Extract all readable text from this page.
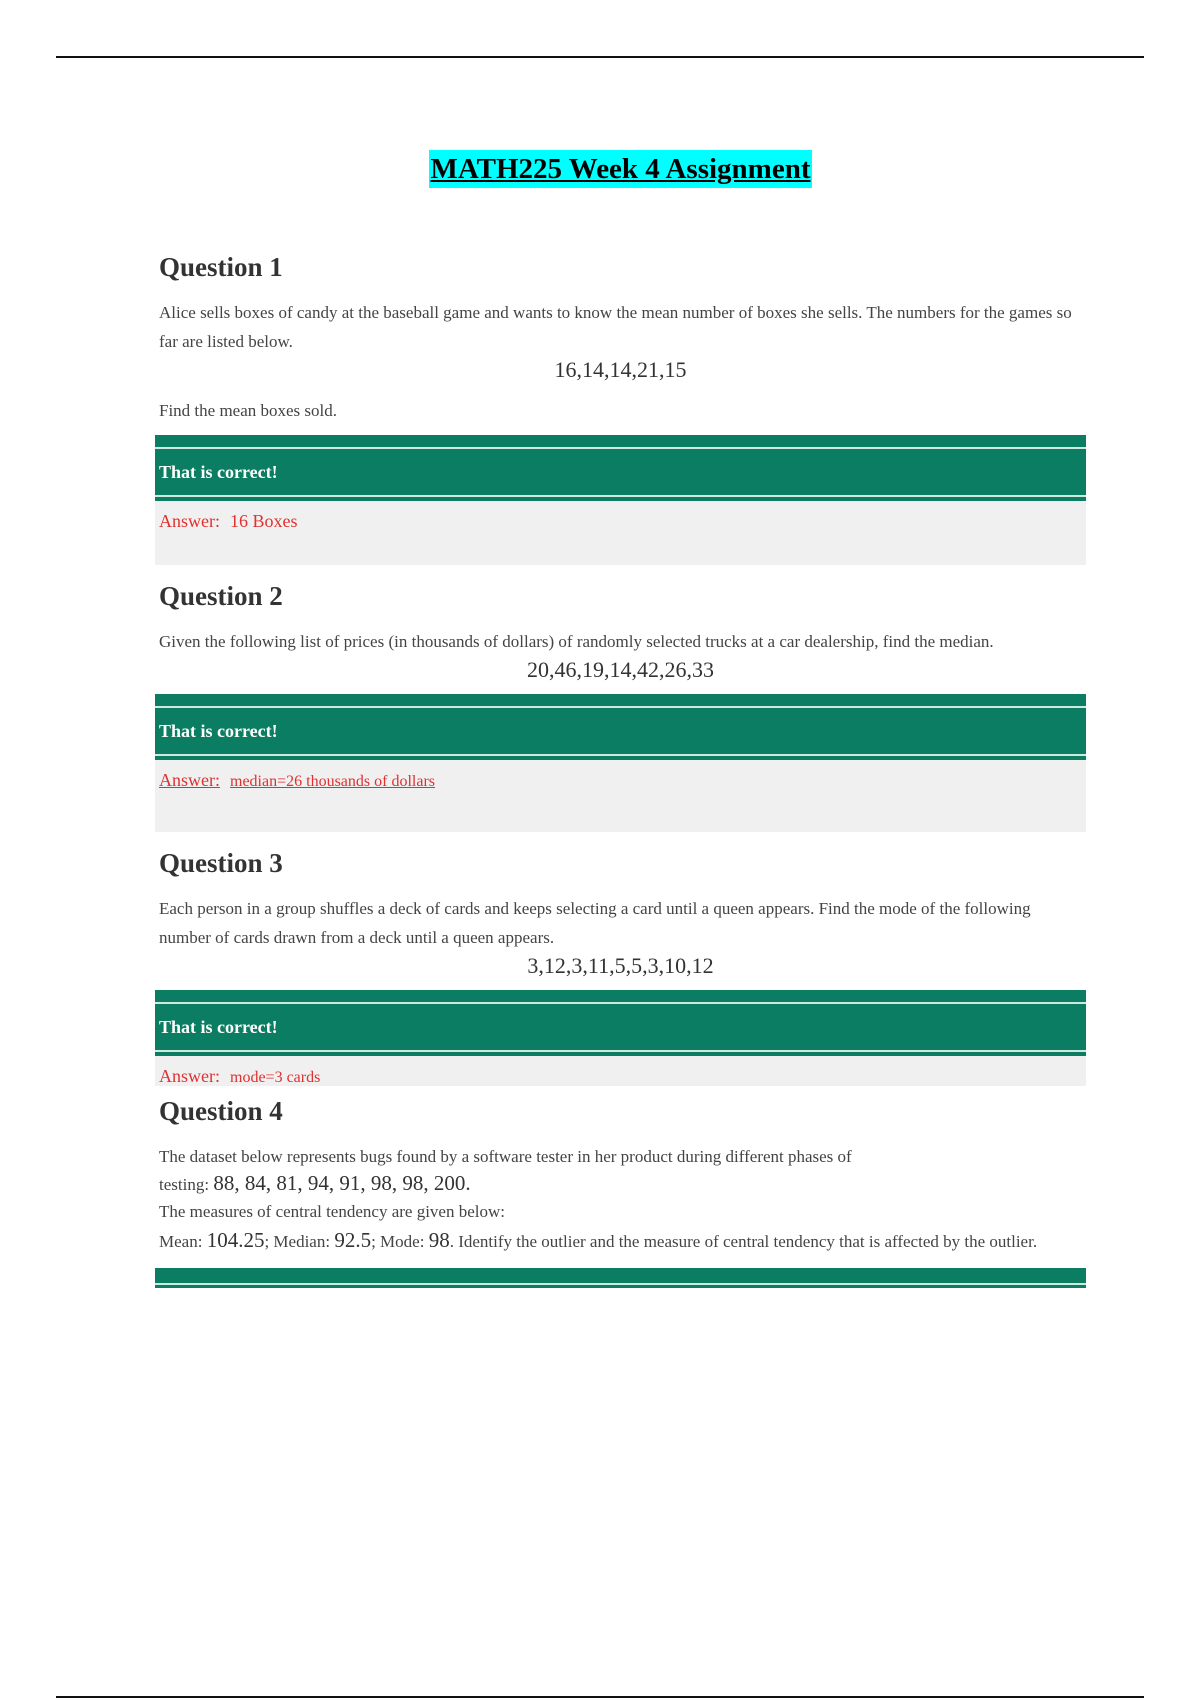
MATH225 Week 4 Assignment
Question 1

Alice sells boxes of candy at the baseball game and wants to know the mean number of boxes she sells. The numbers for the games so far are listed below.

16,14,14,21,15

Find the mean boxes sold.

That is correct!
Answer: 16 Boxes
Question 2

Given the following list of prices (in thousands of dollars) of randomly selected trucks at a car dealership, find the median.

20,46,19,14,42,26,33
That is correct!
Answer: median=26 thousands of dollars
Question 3

Each person in a group shuffles a deck of cards and keeps selecting a card until a queen appears. Find the mode of the following number of cards drawn from a deck until a queen appears.

3,12,3,11,5,5,3,10,12
That is correct!
Answer: mode=3 cards
Question 4

The dataset below represents bugs found by a software tester in her product during different phases of
testing: 88, 84, 81, 94, 91, 98, 98, 200.

The measures of central tendency are given below:
Mean: 104.25; Median: 92.5; Mode: 98. Identify the outlier and the measure of central tendency that is affected by the outlier.
